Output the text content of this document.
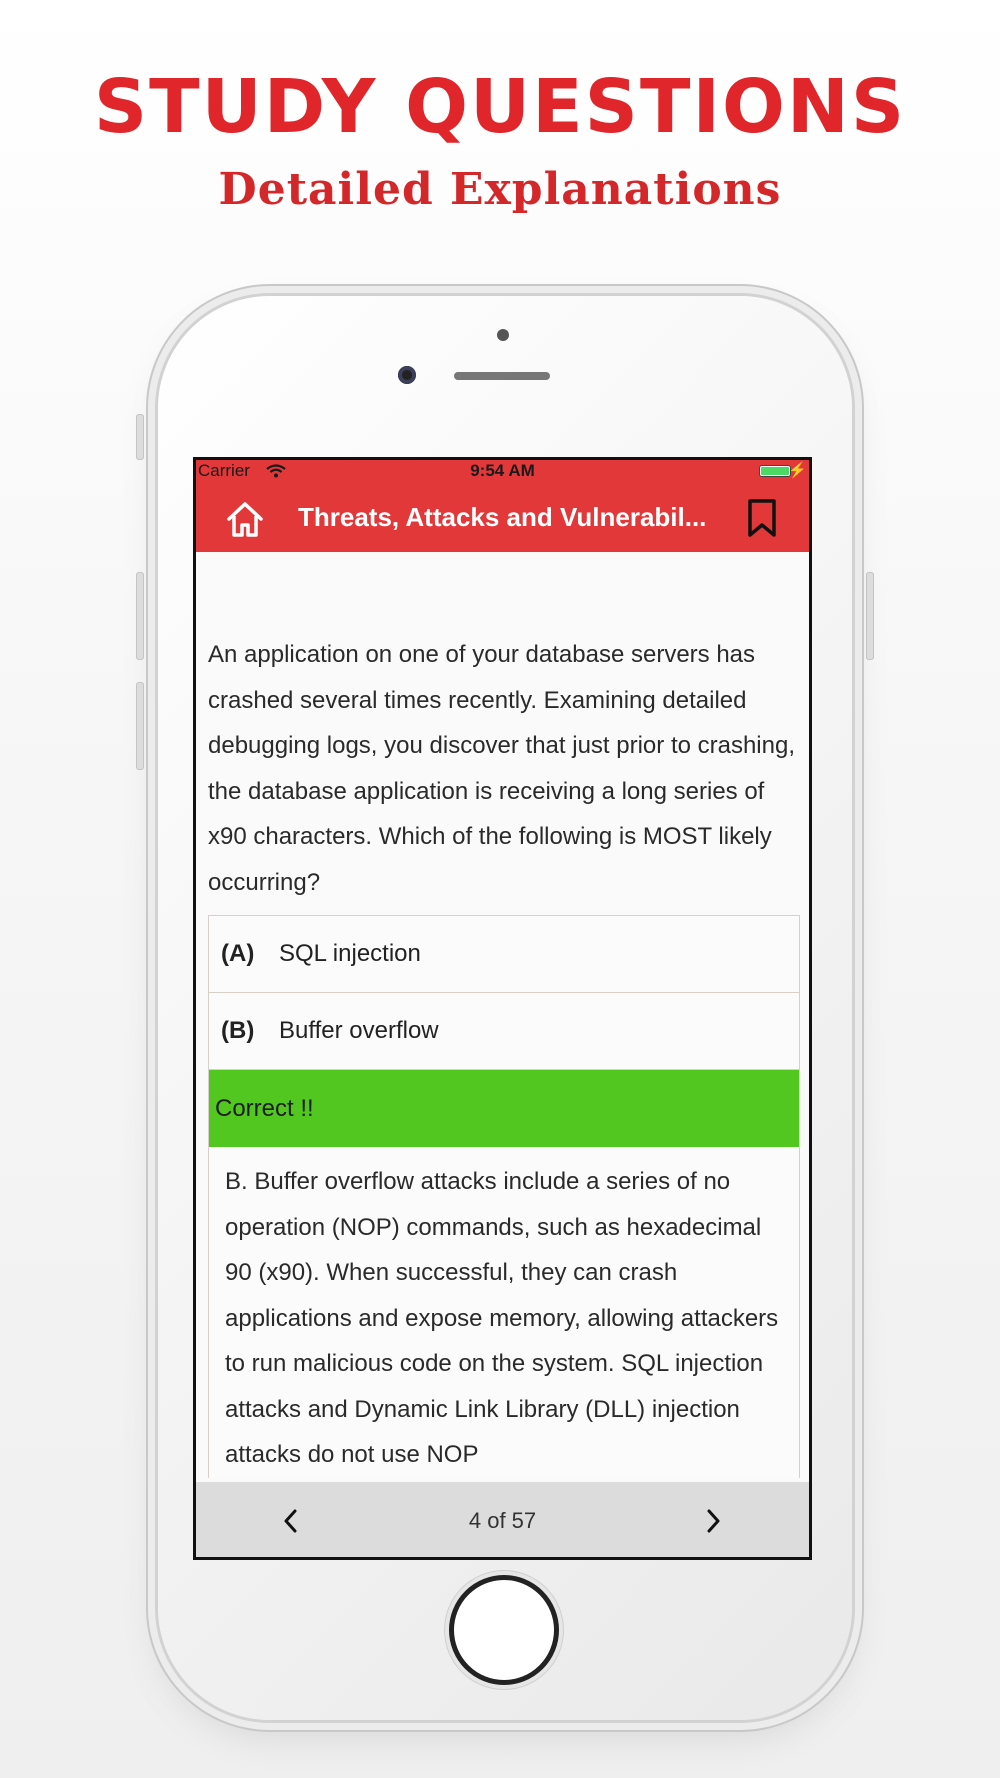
STUDY QUESTIONS
Detailed Explanations
Carrier	9:54 AM	⚡
Threats, Attacks and Vulnerabil...

An application on one of your database servers has crashed several times recently. Examining detailed debugging logs, you discover that just prior to crashing, the database application is receiving a long series of x90 characters. Which of the following is MOST likely occurring?

(A)	SQL injection
(B)	Buffer overflow
Correct !!

B. Buffer overflow attacks include a series of no operation (NOP) commands, such as hexadecimal 90 (x90). When successful, they can crash applications and expose memory, allowing attackers to run malicious code on the system. SQL injection attacks and Dynamic Link Library (DLL) injection attacks do not use NOP

4 of 57
